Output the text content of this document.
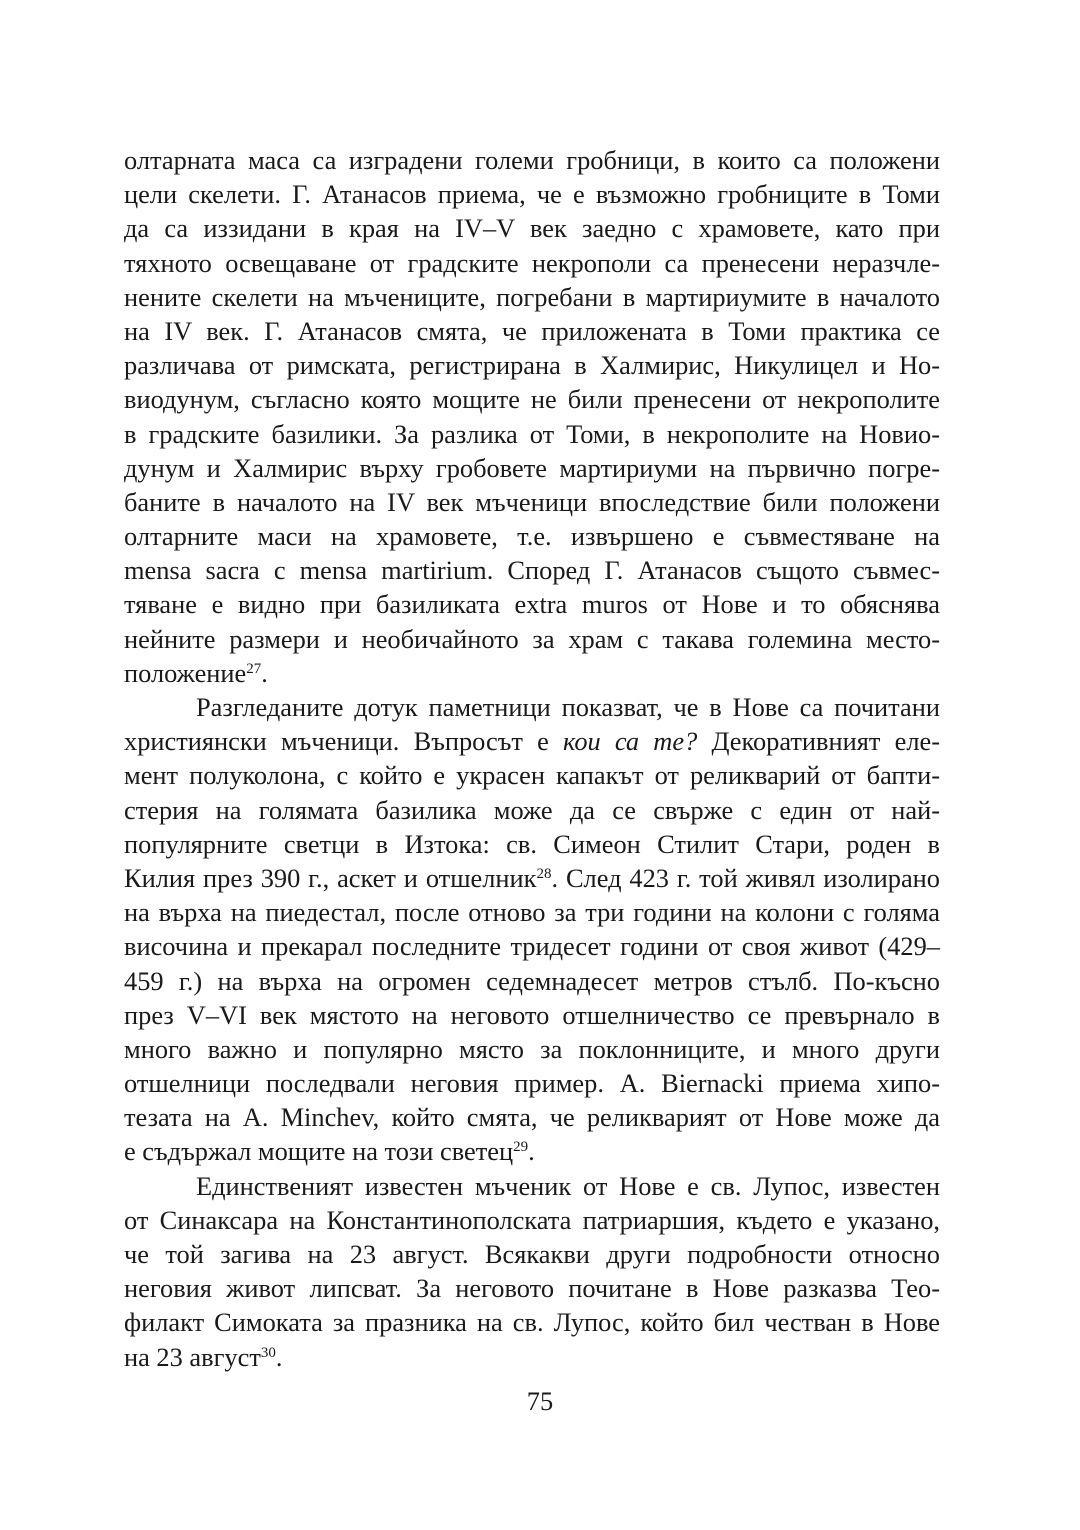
олтарната маса са изградени големи гробници, в които са положени
цели скелети. Г. Атанасов приема, че е възможно гробниците в Томи
да са иззидани в края на IV–V век заедно с храмовете, като при
тяхното освещаване от градските некрополи са пренесени неразчле-
нените скелети на мъчениците, погребани в мартириумите в началото
на IV век. Г. Атанасов смята, че приложената в Томи практика се
различава от римската, регистрирана в Халмирис, Никулицел и Но-
виодунум, съгласно която мощите не били пренесени от некрополите
в градските базилики. За разлика от Томи, в некрополите на Новио-
дунум и Халмирис върху гробовете мартириуми на първично погре-
баните в началото на IV век мъченици впоследствие били положени
олтарните маси на храмовете, т.е. извършено е съвместяване на
mensa sacra с mensa martirium. Според Г. Атанасов същото съвмес-
тяване е видно при базиликата extra muros от Нове и то обяснява
нейните размери и необичайното за храм с такава големина место-
положение$^{27}$.
Разгледаните дотук паметници показват, че в Нове са почитани
християнски мъченици. Въпросът е кои са те? Декоративният еле-
мент полуколона, с който е украсен капакът от реликварий от бапти-
стерия на голямата базилика може да се свърже с един от най-
популярните светци в Изтока: св. Симеон Стилит Стари, роден в
Килия през 390 г., аскет и отшелник$^{28}$. След 423 г. той живял изолирано
на върха на пиедестал, после отново за три години на колони с голяма
височина и прекарал последните тридесет години от своя живот (429–
459 г.) на върха на огромен седемнадесет метров стълб. По-късно
през V–VI век мястото на неговото отшелничество се превърнало в
много важно и популярно място за поклонниците, и много други
отшелници последвали неговия пример. A. Biernacki приема хипо-
тезата на A. Minchev, който смята, че реликварият от Нове може да
е съдържал мощите на този светец$^{29}$.
Единственият известен мъченик от Нове е св. Лупос, известен
от Синаксара на Константинополската патриаршия, където е указано,
че той загива на 23 август. Всякакви други подробности относно
неговия живот липсват. За неговото почитане в Нове разказва Тео-
филакт Симоката за празника на св. Лупос, който бил честван в Нове
на 23 август$^{30}$.
75
